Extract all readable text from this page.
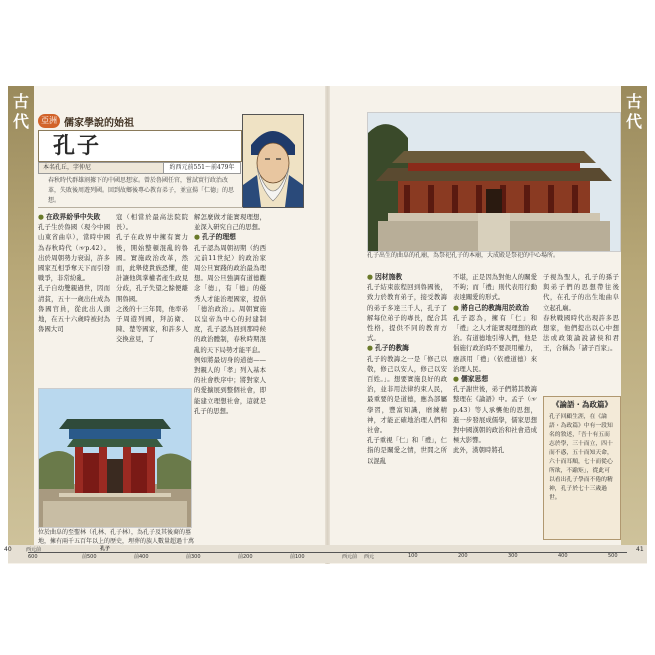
古代	亞洲 儒家學說的始祖
孔子
本名孔丘，字仲尼	約西元前551～前479年
春秋時代群雄割據下的中國思想家。曾於魯國任官，嘗試實行政治改革，失敗後周遊列國。回到故鄉後專心教育弟子，並宣揚「仁德」的思想。

● 在政界紛爭中失敗

孔子生於魯國（現今中國山東省曲阜），當時中國為春秋時代（☞p.42）。出於周朝勢力衰弱，許多國家互相爭奪天下而引發戰爭，非常紛亂。

孔子自幼雙親過世，因而清貧，五十一歲出仕成為魯國官員，從此出人頭地，在五十六歲時被封為魯國大司

寇（相當於最高法院院長）。

孔子在政界中擁有實力後，開始整頓混亂的魯國。實施政治改革，然而，此舉使貴族恐懼，使計讓他與掌權者產生政見分歧，孔子失望之餘便離開魯國。

之後的十三年間，他率弟子周遊列國，拜訪衛、陳、楚等國家，和許多人交換意見，了

解怎麼做才能實現理想，並深入研究自己的思想。

● 孔子的理想

孔子認為周朝初期（約西元前11世紀）的政治家周公旦實踐的政治最為理想。周公旦強調有道德觀念「德」，有「德」的優秀人才能治理國家，提倡「德治政治」。周朝實施以皇帝為中心的封建制度，孔子認為回到那時候的政治體制，春秋時期混亂的天下局勢才能平息。

例如將最切身的道德——對親人的「孝」列入基本的社會秩序中；將對家人的愛擴展到整個社會，即能建立理想社會，這就是孔子的思想。

位於曲阜的至聖林（孔林、孔子林），為孔子及其後裔的墓地，擁有兩千五百年以上的歷史，埋葬的族人數量超過十萬
古代
孔子出生的曲阜的孔廟，為祭祀孔子的本廟，大成殿是祭祀的中心場所。

● 因材施教

孔子結束旅程回到魯國後，致力於教育弟子，接受教誨的弟子多達三千人，孔子了解每位弟子的專長，配合其性格，提供不同的教育方式。

● 孔子的教誨

孔子的教誨之一是「修己以敬，修己以安人，修己以安百姓。」。想要實施良好的政治，並非用法律約束人民，最重要的是道德，應為部屬學習，豐富知識，磨練精神，才能正確地治理人們和社會。

孔子重視「仁」和「禮」，仁指的是關愛之情，世間之所以混亂

不堪，正是因為對他人的關愛不夠；而「禮」則代表用行動表達關愛的形式。

● 將自己的教誨用於政治

孔子認為，擁有「仁」和「禮」之人才能實現理想的政治。有道德地引導人們，他是倡施行政治時不要誤用權力，應該用「禮」（依禮道德）來治理人民。

● 儒家思想

孔子謝世後，弟子們將其教誨整理在《論語》中。孟子（☞p.43）等人承襲他的思想，進一步發展成儒學，儒家思想對中國漢朝的政治和社會造成極大影響。

此外，漢朝時將孔

子視為聖人，孔子的孫子與弟子們的思想帶往後代，在孔子的出生地曲阜立起孔廟。

春秋戰國時代出現許多思想家，他們提出以心中想法或政策論說諸侯和君王，合稱為「諸子百家」。

《論語・為政篇》
孔子回顧生涯，在《論語・為政篇》中有一段知名的敘述，「吾十有五而志於學，三十而立，四十而不惑，五十而知天命，六十而耳順，七十而從心所欲，不踰矩」，從此可以看出孔子學而不倦的精神，孔子於七十三歲過世。
西元前
600
孔子
前500	前400	前300	前200	前100	西元前 西元	100	200	300	400	500
40	41
